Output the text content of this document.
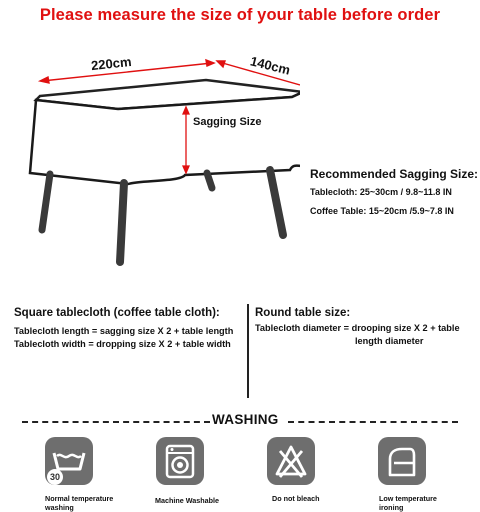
Please measure the size of your table before order
220cm	140cm
Sagging Size
Recommended Sagging Size:
Tablecloth: 25~30cm / 9.8~11.8 IN
Coffee Table: 15~20cm /5.9~7.8 IN
Square tablecloth (coffee table cloth):
Tablecloth length = sagging size X 2 + table length
Tablecloth width = dropping size X 2 + table width
Round table size:
Tablecloth diameter = drooping size X 2 + table
length diameter
WASHING
30
Normal temperature
washing
Machine Washable	Do not bleach	Low temperature
ironing
